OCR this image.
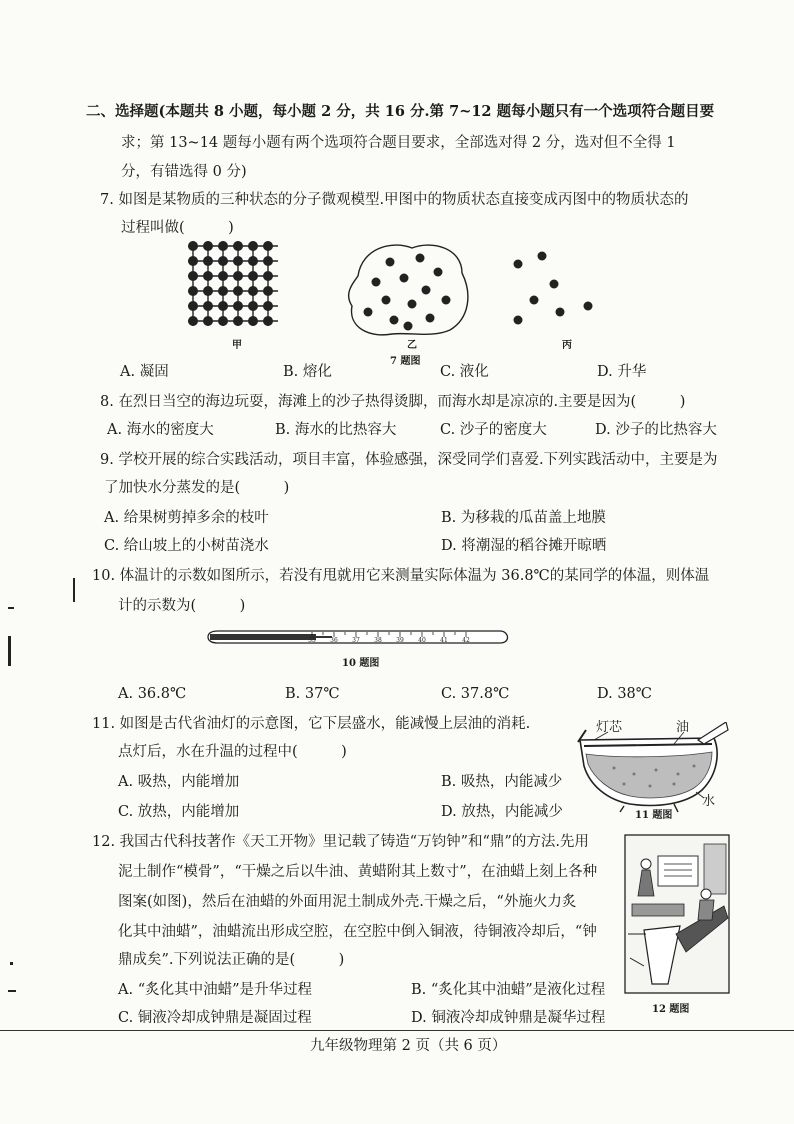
二、选择题(本题共 8 小题，每小题 2 分，共 16 分.第 7~12 题每小题只有一个选项符合题目要
求；第 13~14 题每小题有两个选项符合题目要求，全部选对得 2 分，选对但不全得 1
分，有错选得 0 分)
7. 如图是某物质的三种状态的分子微观模型.甲图中的物质状态直接变成丙图中的物质状态的
过程叫做(　　　)
甲	乙
7 题图
丙
A. 凝固	B. 熔化	C. 液化	D. 升华
8. 在烈日当空的海边玩耍，海滩上的沙子热得烫脚，而海水却是凉凉的.主要是因为(　　　)
A. 海水的密度大	B. 海水的比热容大	C. 沙子的密度大	D. 沙子的比热容大
9. 学校开展的综合实践活动，项目丰富，体验感强，深受同学们喜爱.下列实践活动中，主要是为
了加快水分蒸发的是(　　　)
A. 给果树剪掉多余的枝叶	B. 为移栽的瓜苗盖上地膜
C. 给山坡上的小树苗浇水	D. 将潮湿的稻谷摊开晾晒
10. 体温计的示数如图所示，若没有甩就用它来测量实际体温为 36.8℃的某同学的体温，则体温
计的示数为(　　　)
35 36 37 38 39 40 41 42
10 题图
A. 36.8℃	B. 37℃	C. 37.8℃	D. 38℃
11. 如图是古代省油灯的示意图，它下层盛水，能减慢上层油的消耗.
点灯后，水在升温的过程中(　　　)
A. 吸热，内能增加	B. 吸热，内能减少
C. 放热，内能增加	D. 放热，内能减少
灯芯	油
水
11 题图
12. 我国古代科技著作《天工开物》里记载了铸造“万钧钟”和“鼎”的方法.先用
泥土制作“模骨”，“干燥之后以牛油、黄蜡附其上数寸”，在油蜡上刻上各种
图案(如图)，然后在油蜡的外面用泥土制成外壳.干燥之后，“外施火力炙
化其中油蜡”，油蜡流出形成空腔，在空腔中倒入铜液，待铜液冷却后，“钟
鼎成矣”.下列说法正确的是(　　　)
12 题图
A. “炙化其中油蜡”是升华过程	B. “炙化其中油蜡”是液化过程
C. 铜液冷却成钟鼎是凝固过程	D. 铜液冷却成钟鼎是凝华过程
九年级物理第 2 页（共 6 页）
